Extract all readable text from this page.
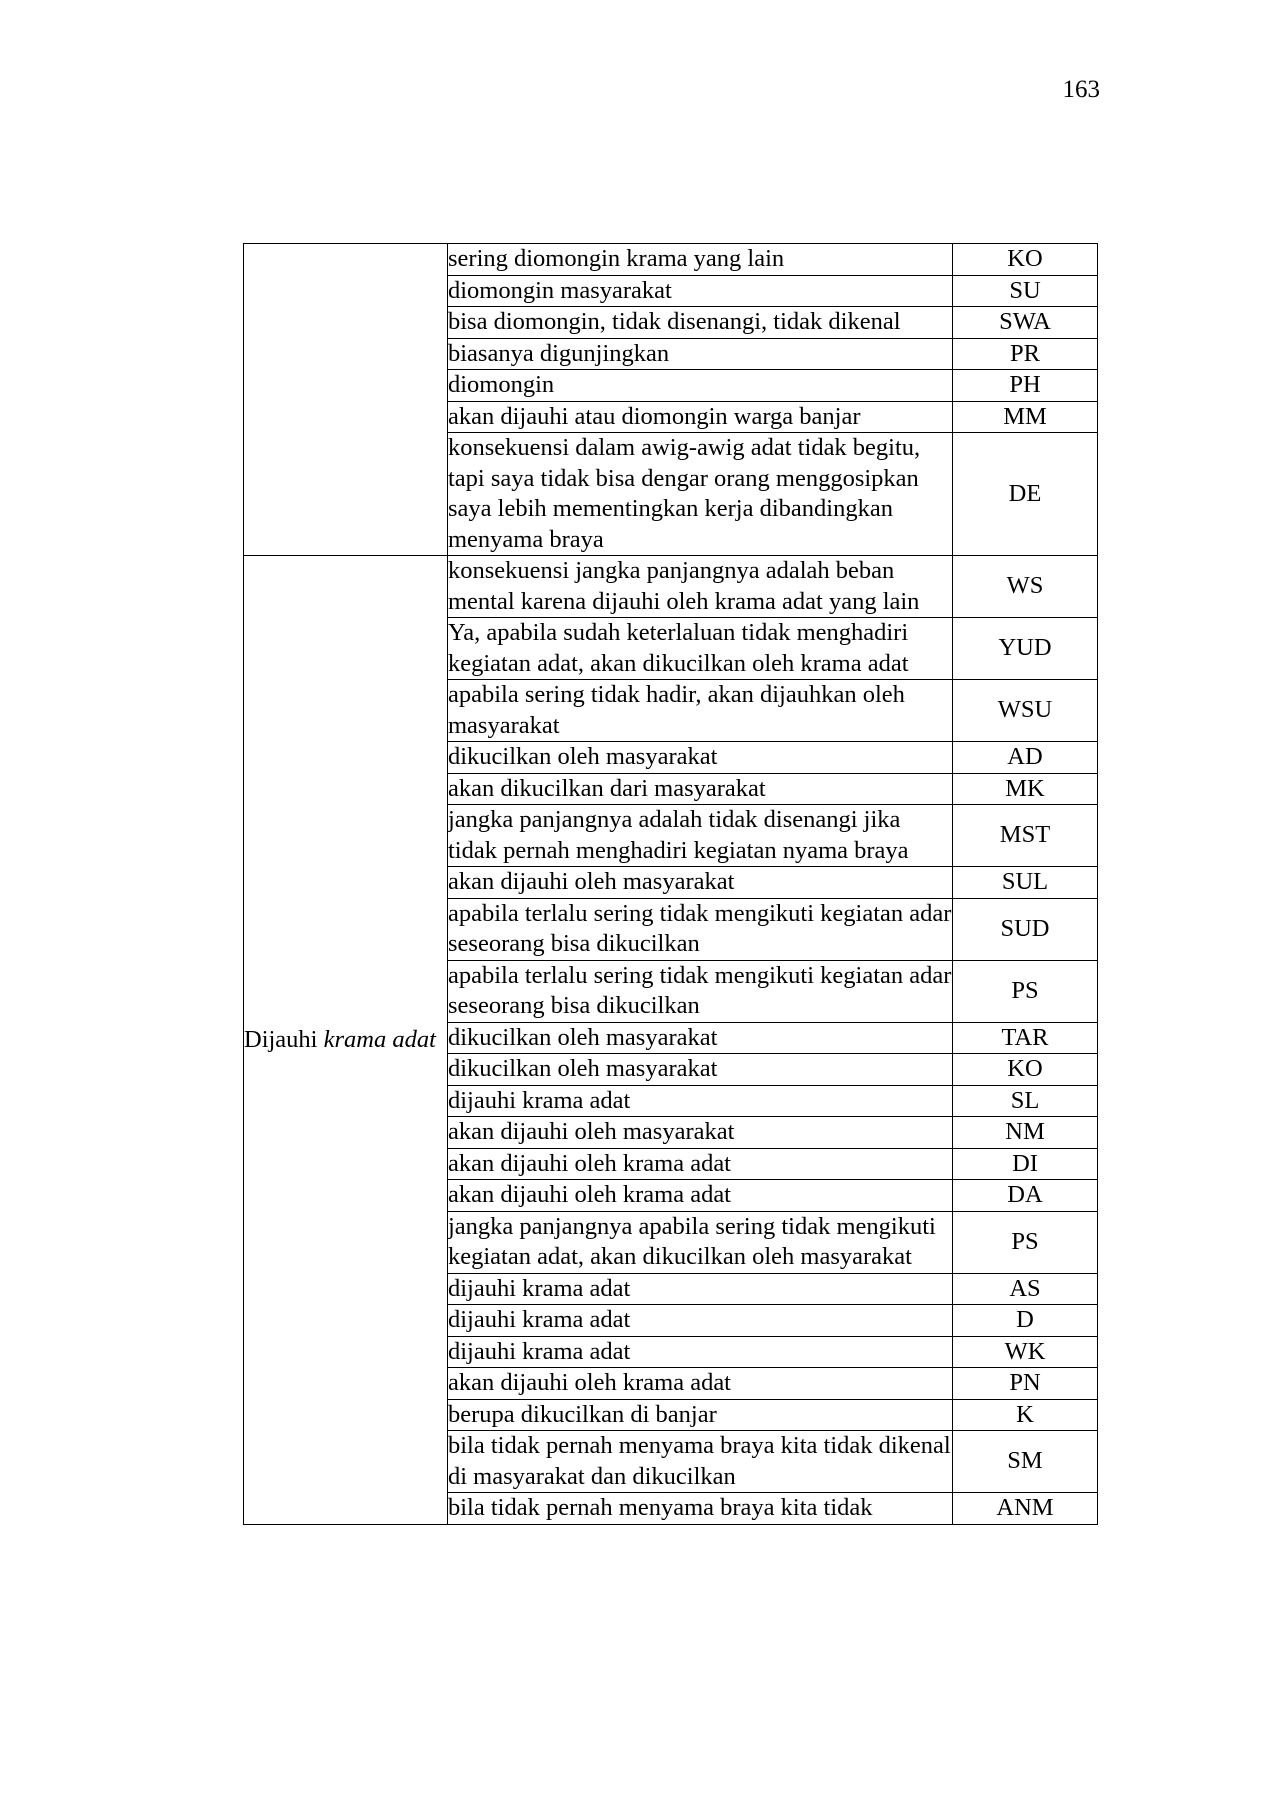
163
	sering diomongin krama yang lain	KO
	diomongin masyarakat	SU
	bisa diomongin, tidak disenangi, tidak dikenal	SWA
	biasanya digunjingkan	PR
	diomongin	PH
	akan dijauhi atau diomongin warga banjar	MM
	konsekuensi dalam awig-awig adat tidak begitu, tapi saya tidak bisa dengar orang menggosipkan saya lebih mementingkan kerja dibandingkan menyama braya	DE
Dijauhi krama adat	konsekuensi jangka panjangnya adalah beban mental karena dijauhi oleh krama adat yang lain	WS
	Ya, apabila sudah keterlaluan tidak menghadiri kegiatan adat, akan dikucilkan oleh krama adat	YUD
	apabila sering tidak hadir, akan dijauhkan oleh masyarakat	WSU
	dikucilkan oleh masyarakat	AD
	akan dikucilkan dari masyarakat	MK
	jangka panjangnya adalah tidak disenangi jika tidak pernah menghadiri kegiatan nyama braya	MST
	akan dijauhi oleh masyarakat	SUL
	apabila terlalu sering tidak mengikuti kegiatan adar seseorang bisa dikucilkan	SUD
	apabila terlalu sering tidak mengikuti kegiatan adar seseorang bisa dikucilkan	PS
	dikucilkan oleh masyarakat	TAR
	dikucilkan oleh masyarakat	KO
	dijauhi krama adat	SL
	akan dijauhi oleh masyarakat	NM
	akan dijauhi oleh krama adat	DI
	akan dijauhi oleh krama adat	DA
	jangka panjangnya apabila sering tidak mengikuti kegiatan adat, akan dikucilkan oleh masyarakat	PS
	dijauhi krama adat	AS
	dijauhi krama adat	D
	dijauhi krama adat	WK
	akan dijauhi oleh krama adat	PN
	berupa dikucilkan di banjar	K
	bila tidak pernah menyama braya kita tidak dikenal di masyarakat dan dikucilkan	SM
	bila tidak pernah menyama braya kita tidak	ANM
